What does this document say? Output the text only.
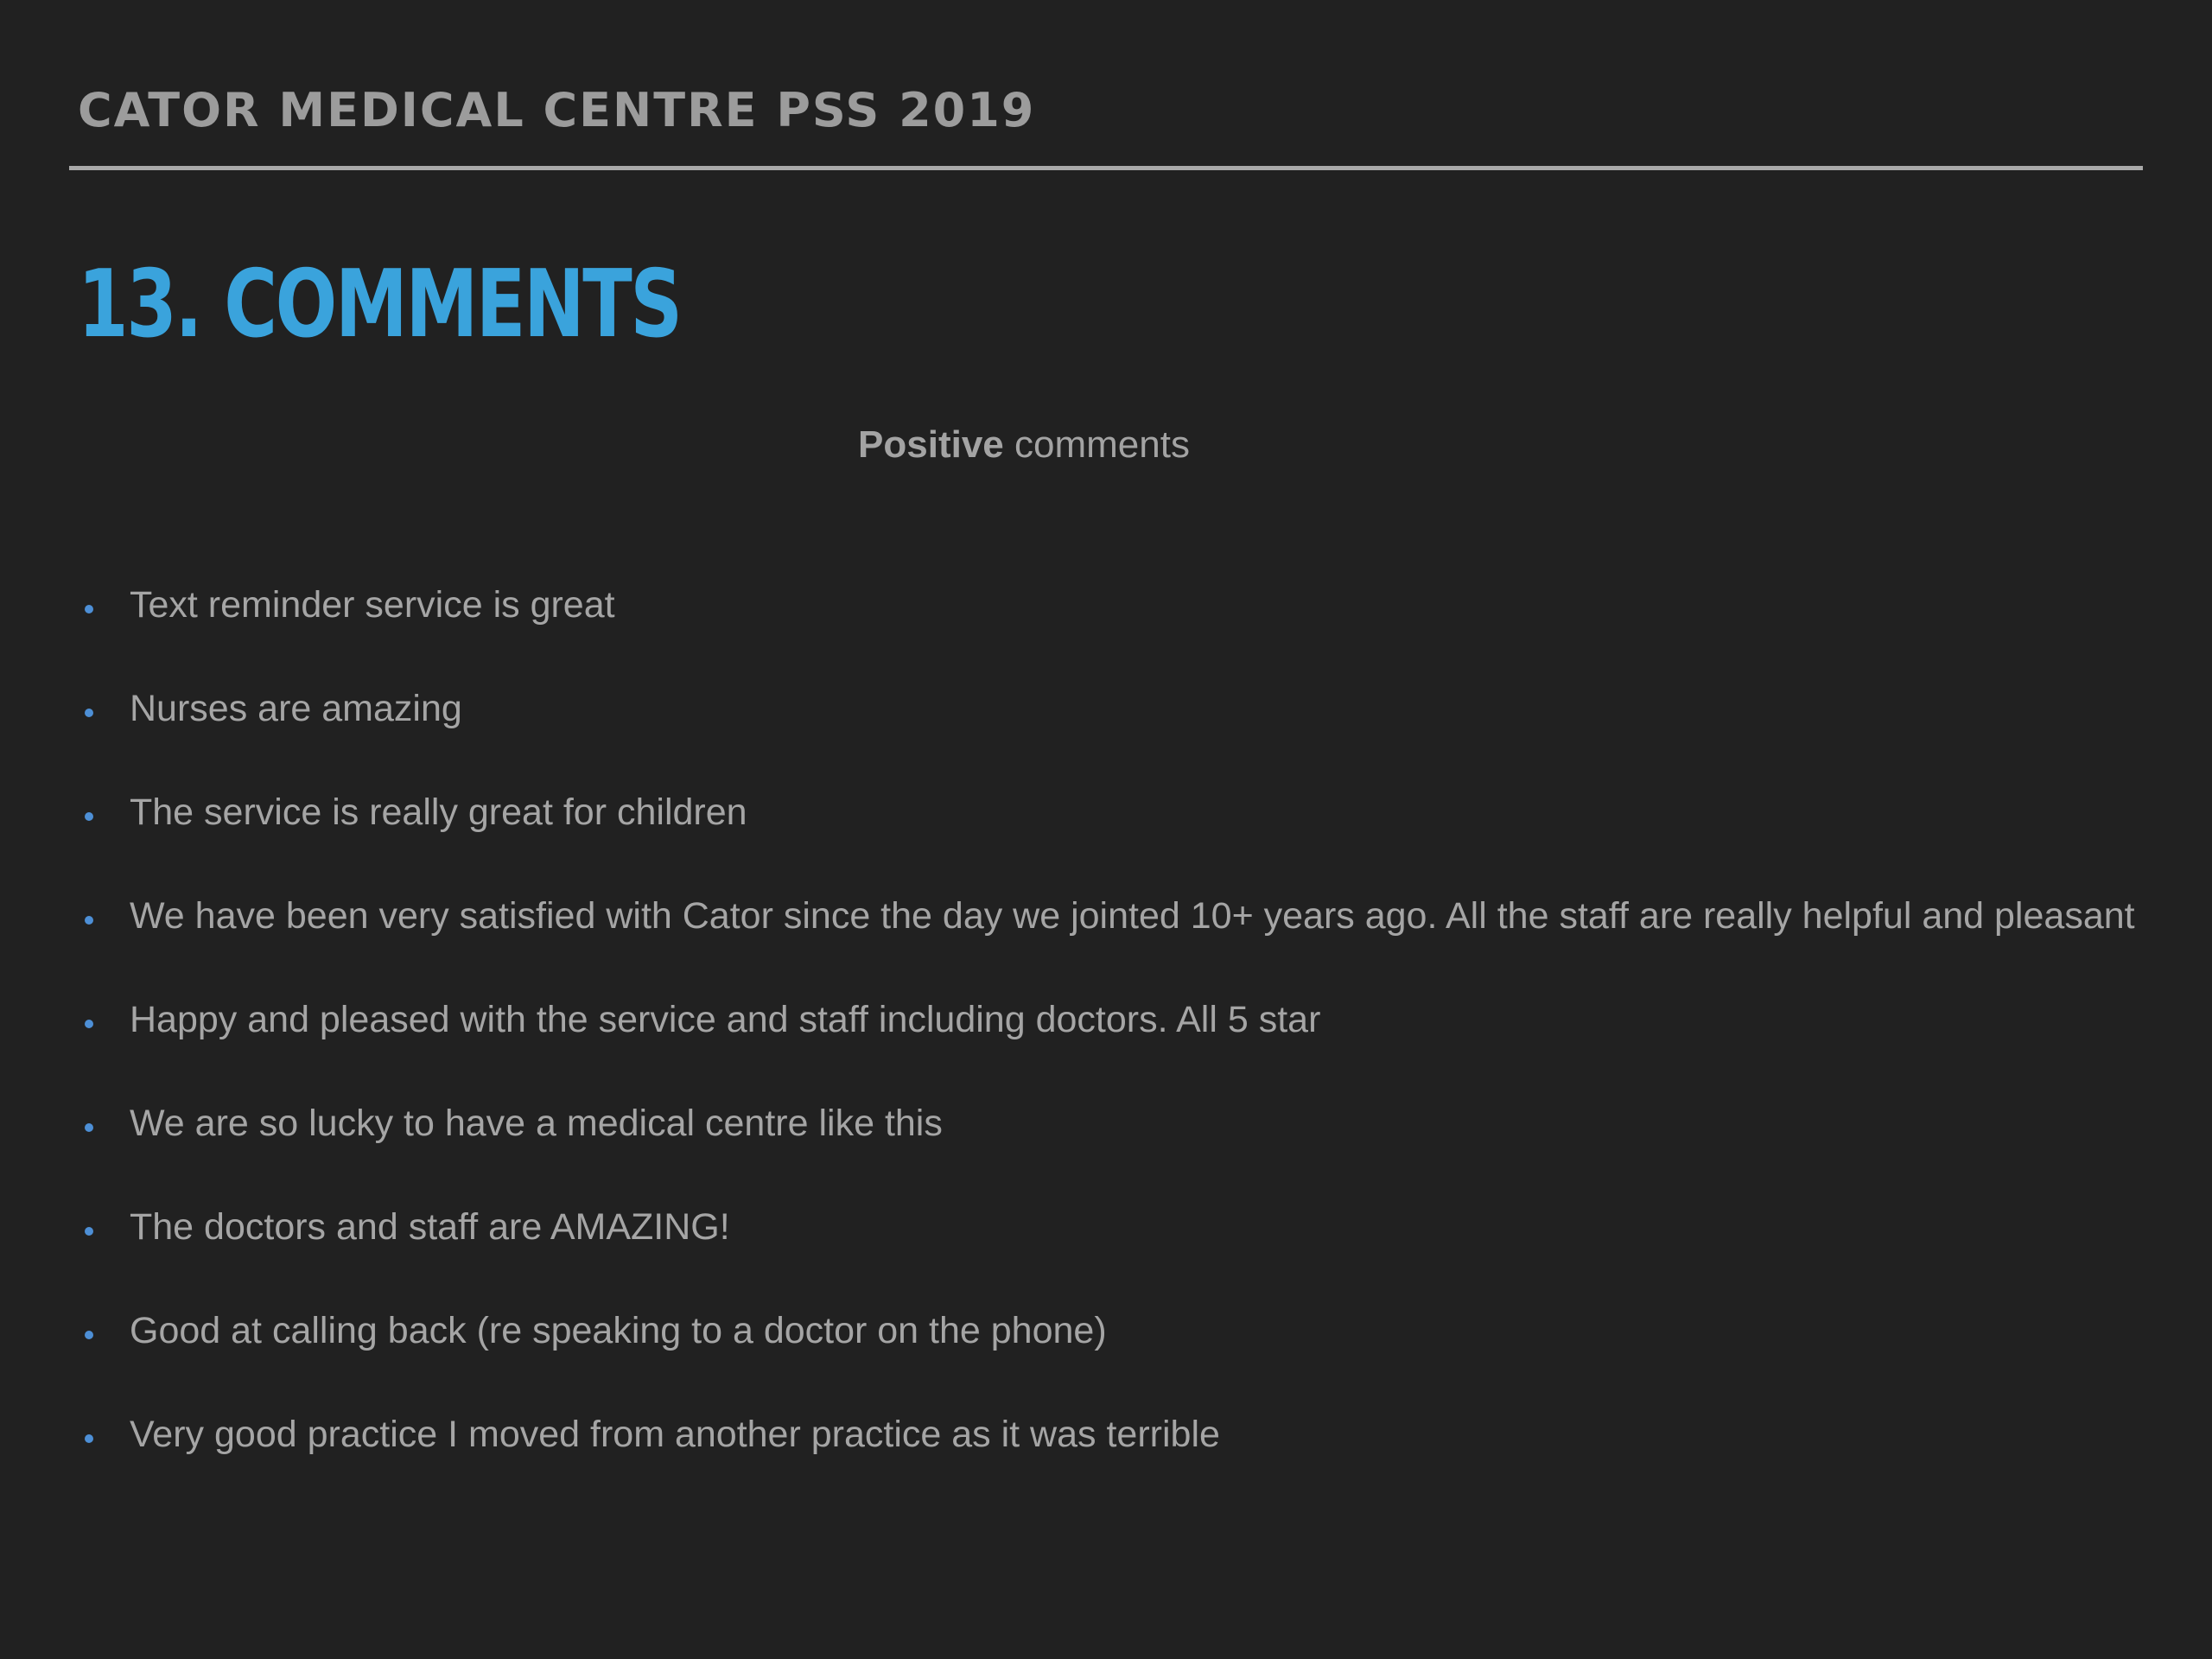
CATOR MEDICAL CENTRE PSS 2019
13. COMMENTS
Positive comments
Text reminder service is great
Nurses are amazing
The service is really great for children
We have been very satisfied with Cator since the day we jointed 10+ years ago. All the staff are really helpful and pleasant
Happy and pleased with the service and staff including doctors. All 5 star
We are so lucky to have a medical centre like this
The doctors and staff are AMAZING!
Good at calling back (re speaking to a doctor on the phone)
Very good practice I moved from another practice as it was terrible
